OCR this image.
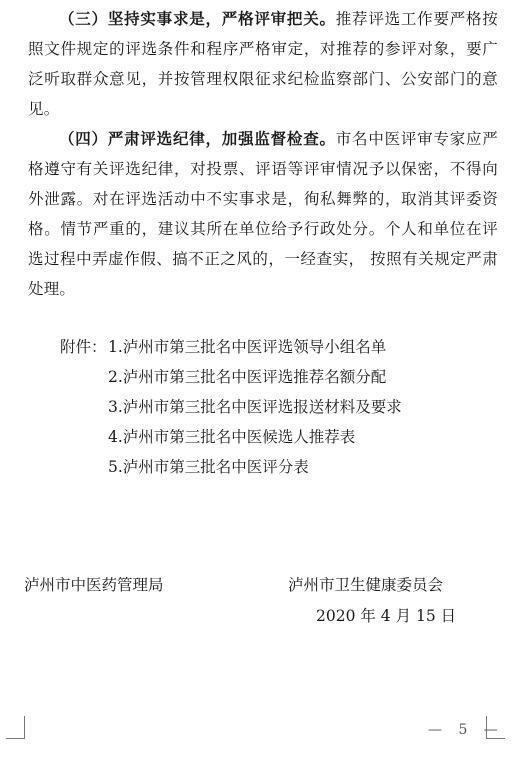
（三）坚持实事求是，严格评审把关。推荐评选工作要严格按照文件规定的评选条件和程序严格审定，对推荐的参评对象，要广泛听取群众意见，并按管理权限征求纪检监察部门、公安部门的意见。

（四）严肃评选纪律，加强监督检查。市名中医评审专家应严格遵守有关评选纪律，对投票、评语等评审情况予以保密，不得向外泄露。对在评选活动中不实事求是，徇私舞弊的，取消其评委资格。情节严重的，建议其所在单位给予行政处分。个人和单位在评选过程中弄虚作假、搞不正之风的，一经查实， 按照有关规定严肃处理。

附件： 1.泸州市第三批名中医评选领导小组名单
2.泸州市第三批名中医评选推荐名额分配
3.泸州市第三批名中医评选报送材料及要求
4.泸州市第三批名中医候选人推荐表
5.泸州市第三批名中医评分表
泸州市中医药管理局	泸州市卫生健康委员会
2020 年 4 月 15 日
— 5 —
